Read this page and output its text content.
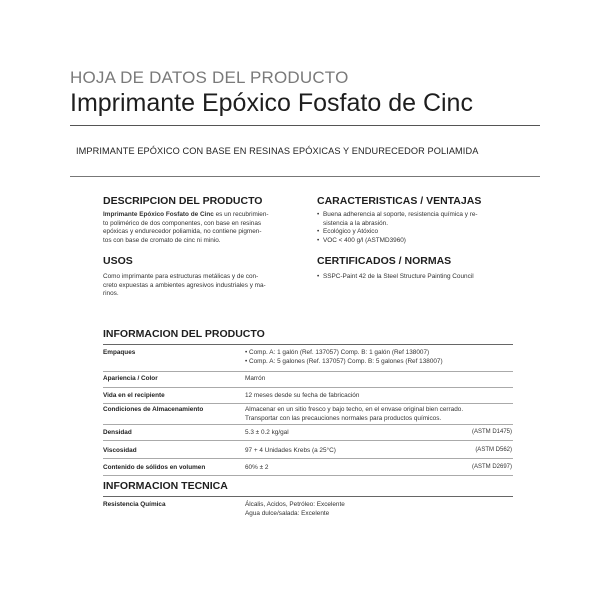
HOJA DE DATOS DEL PRODUCTO
Imprimante Epóxico Fosfato de Cinc
IMPRIMANTE EPÓXICO CON BASE EN RESINAS EPÓXICAS Y ENDURECEDOR POLIAMIDA
DESCRIPCION DEL PRODUCTO
Imprimante Epóxico Fosfato de Cinc es un recubrimien-
to polimérico de dos componentes, con base en resinas
epóxicas y endurecedor poliamida, no contiene pigmen-
tos con base de cromato de cinc ni minio.
USOS
Como imprimante para estructuras metálicas y de con-
creto expuestas a ambientes agresivos industriales y ma-
rinos.
CARACTERISTICAS / VENTAJAS
• Buena adherencia al soporte, resistencia química y re-
sistencia a la abrasión.
• Ecológico y Atóxico
• VOC < 400 g/l (ASTMD3960)
CERTIFICADOS / NORMAS
• SSPC-Paint 42 de la Steel Structure Painting Council
INFORMACION DEL PRODUCTO
Empaques	• Comp. A: 1 galón (Ref. 137057) Comp. B: 1 galón (Ref 138007)
• Comp. A: 5 galones (Ref. 137057) Comp. B: 5 galones (Ref 138007)
Apariencia / Color	Marrón
Vida en el recipiente	12 meses desde su fecha de fabricación
Condiciones de Almacenamiento	Almacenar en un sitio fresco y bajo techo, en el envase original bien cerrado.
Transportar con las precauciones normales para productos químicos.
Densidad	5.3 ± 0.2 kg/gal	(ASTM D1475)
Viscosidad	97 + 4 Unidades Krebs (a 25°C)	(ASTM D562)
Contenido de sólidos en volumen	60% ± 2	(ASTM D2697)
INFORMACION TECNICA
Resistencia Química	Álcalis, Acidos, Petróleo: Excelente
Agua dulce/salada: Excelente
